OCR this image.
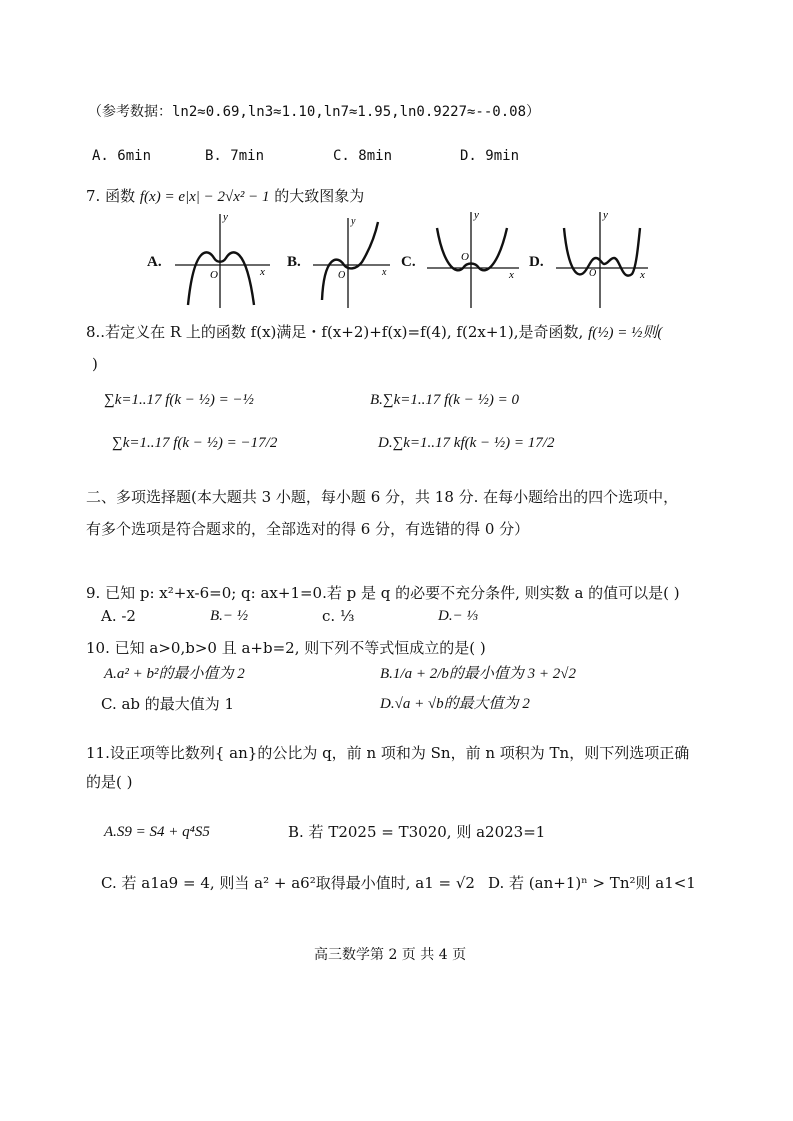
（参考数据：ln2≈0.69,ln3≈1.10,ln7≈1.95,ln0.9227≈--0.08）
A. 6min	B. 7min	C. 8min	D. 9min
7. 函数 f(x) = e|x| − 2√x² − 1 的大致图象为
A.	B.	C.	D.
O	x
y
O	x
y
O
x
y
O	x
y
8..若定义在 R 上的函数 f(x)满足・f(x+2)+f(x)=f(4), f(2x+1),是奇函数, f(½) = ½则(
)
∑k=1..17 f(k − ½) = −½	B.∑k=1..17 f(k − ½) = 0
∑k=1..17 f(k − ½) = −17/2	D.∑k=1..17 kf(k − ½) = 17/2
二、多项选择题(本大题共 3 小题，每小题 6 分，共 18 分. 在每小题给出的四个选项中，
有多个选项是符合题求的，全部选对的得 6 分，有选错的得 0 分）
9. 已知 p: x²+x-6=0; q: ax+1=0.若 p 是 q 的必要不充分条件, 则实数 a 的值可以是( )
A. -2	B.− ½	c. ⅓	D.− ⅓
10. 已知 a>0,b>0 且 a+b=2, 则下列不等式恒成立的是( )
A.a² + b²的最小值为 2	B.1/a + 2/b的最小值为 3 + 2√2
C. ab 的最大值为 1	D.√a + √b的最大值为 2
11.设正项等比数列{ an}的公比为 q，前 n 项和为 Sn，前 n 项积为 Tn，则下列选项正确
的是( )
A.S9 = S4 + q⁴S5	B. 若 T2025 = T3020, 则 a2023=1
C. 若 a1a9 = 4, 则当 a² + a6²取得最小值时, a1 = √2 D. 若 (an+1)ⁿ > Tn²则 a1<1
高三数学第 2 页 共 4 页
